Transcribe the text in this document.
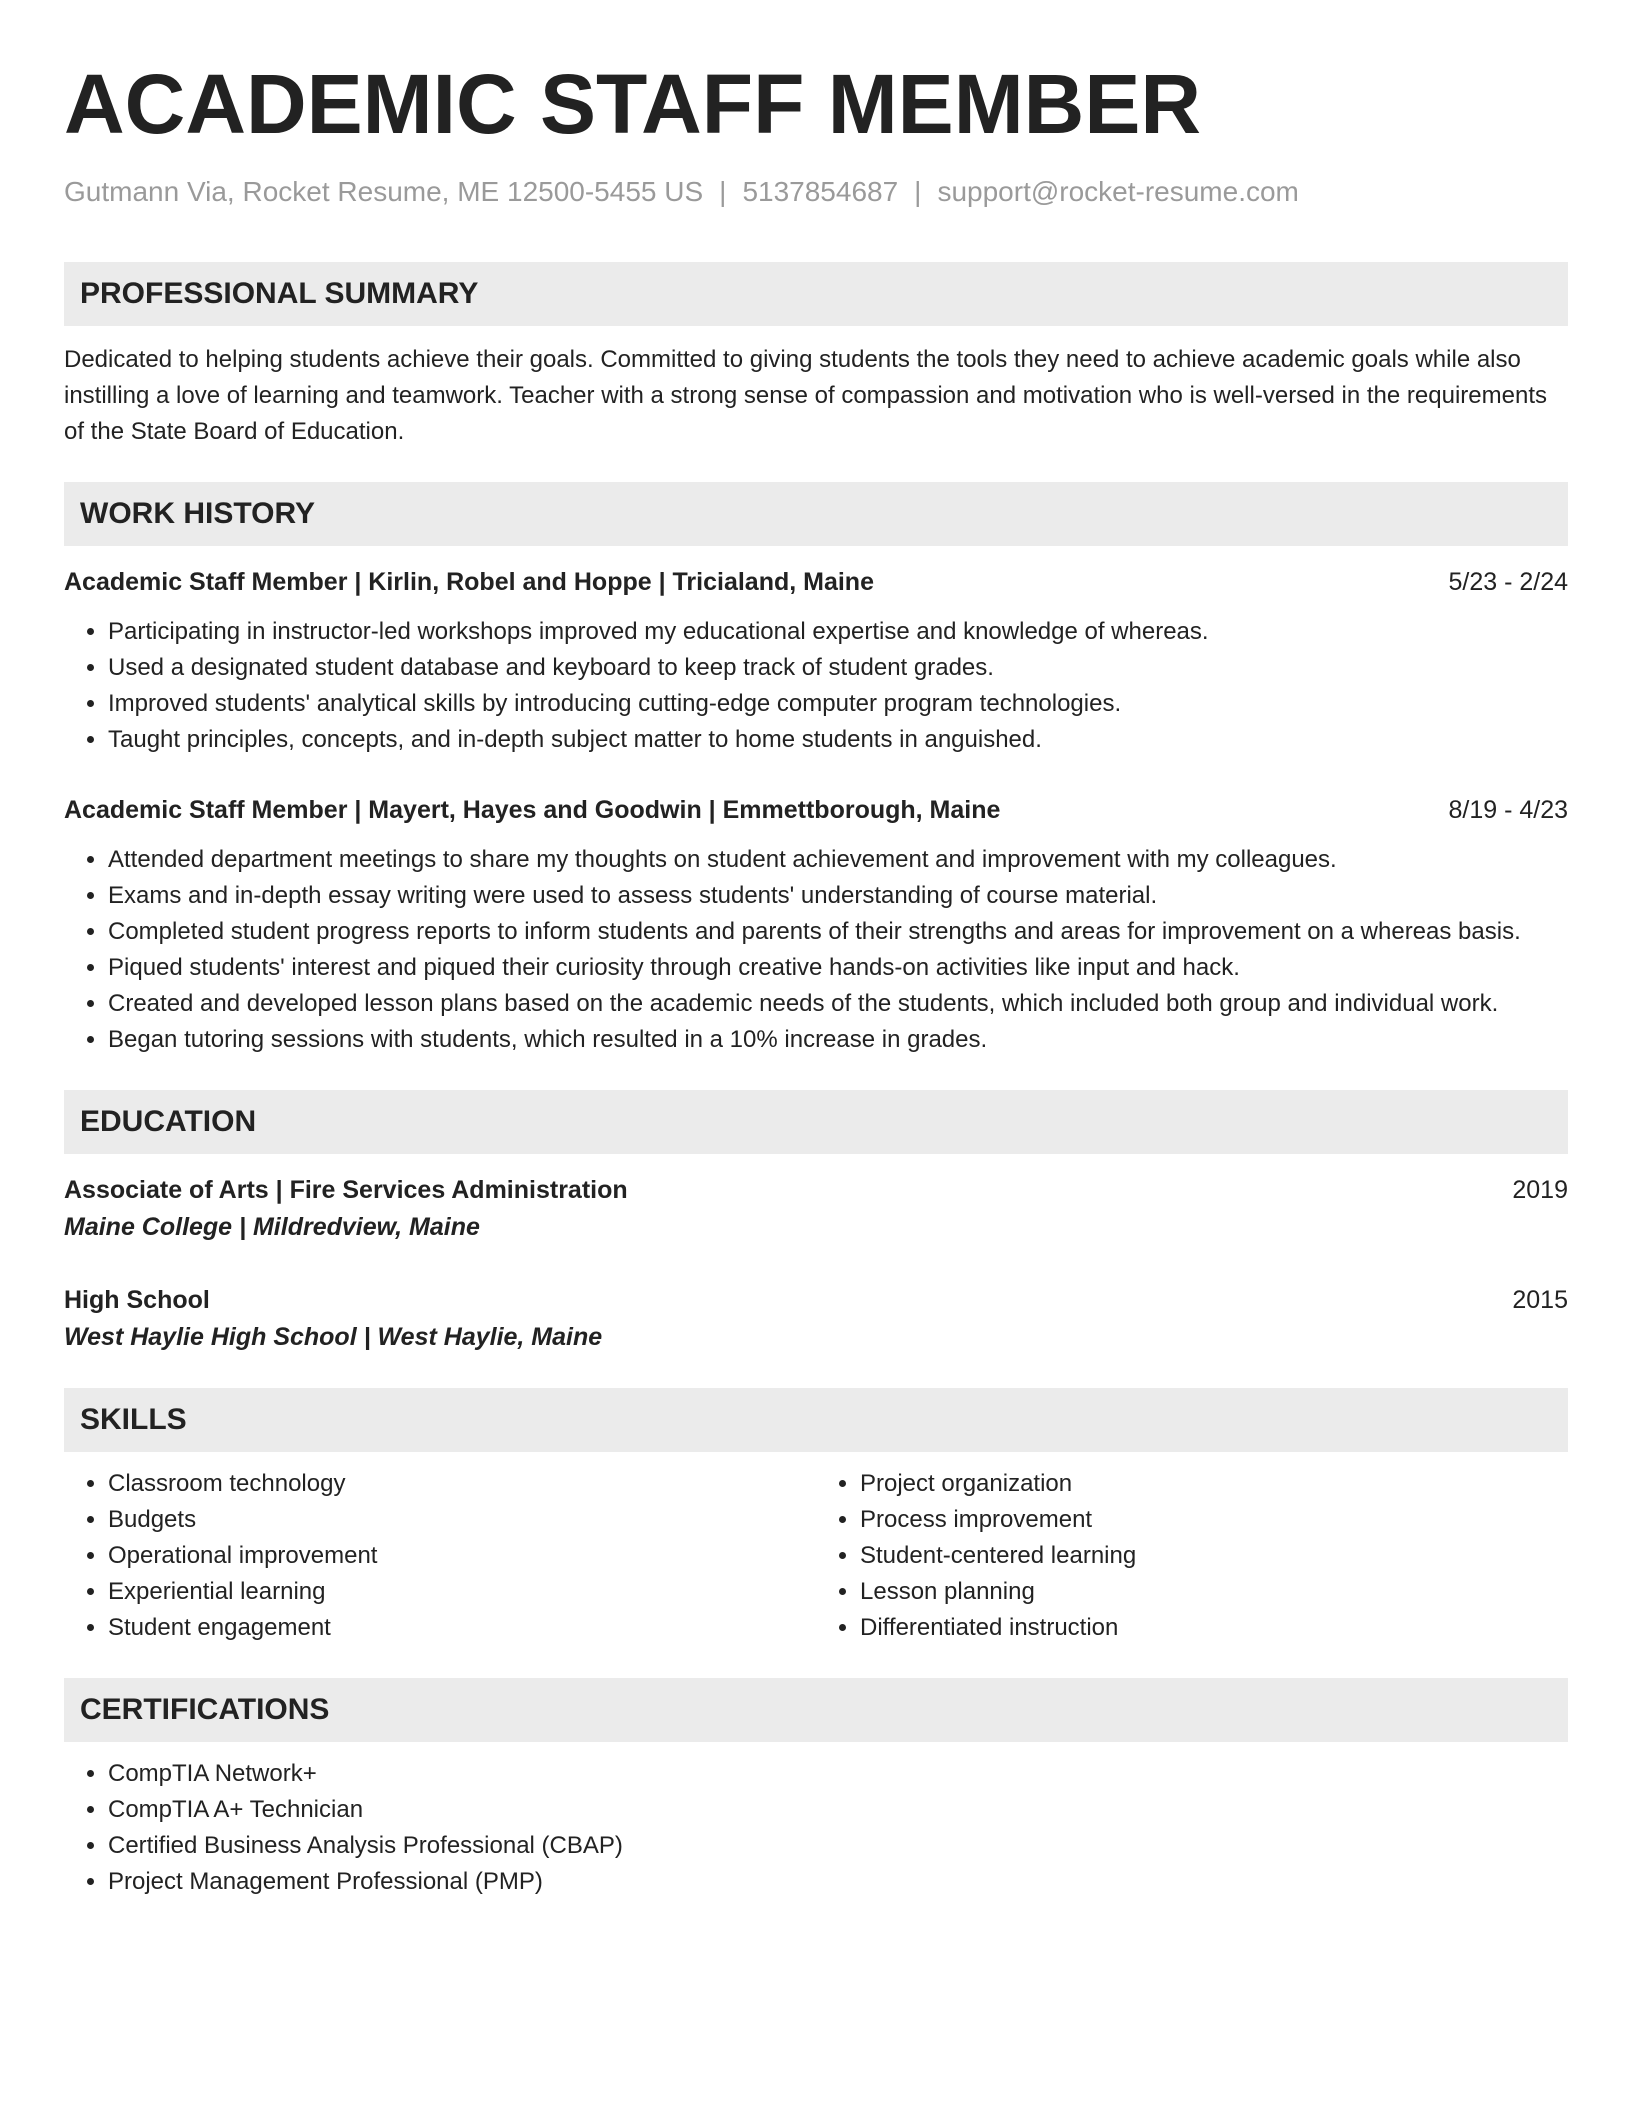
ACADEMIC STAFF MEMBER
Gutmann Via, Rocket Resume, ME 12500-5455 US | 5137854687 | support@rocket-resume.com
PROFESSIONAL SUMMARY

Dedicated to helping students achieve their goals. Committed to giving students the tools they need to achieve academic goals while also instilling a love of learning and teamwork. Teacher with a strong sense of compassion and motivation who is well-versed in the requirements of the State Board of Education.

WORK HISTORY
Academic Staff Member | Kirlin, Robel and Hoppe | Tricialand, Maine	5/23 - 2/24
• Participating in instructor-led workshops improved my educational expertise and knowledge of whereas.
• Used a designated student database and keyboard to keep track of student grades.
• Improved students' analytical skills by introducing cutting-edge computer program technologies.
• Taught principles, concepts, and in-depth subject matter to home students in anguished.
Academic Staff Member | Mayert, Hayes and Goodwin | Emmettborough, Maine	8/19 - 4/23
• Attended department meetings to share my thoughts on student achievement and improvement with my colleagues.
• Exams and in-depth essay writing were used to assess students' understanding of course material.
• Completed student progress reports to inform students and parents of their strengths and areas for improvement on a whereas basis.
• Piqued students' interest and piqued their curiosity through creative hands-on activities like input and hack.
• Created and developed lesson plans based on the academic needs of the students, which included both group and individual work.
• Began tutoring sessions with students, which resulted in a 10% increase in grades.
EDUCATION
Associate of Arts | Fire Services Administration	2019
Maine College | Mildredview, Maine
High School	2015
West Haylie High School | West Haylie, Maine
SKILLS
• Classroom technology
• Budgets
• Operational improvement
• Experiential learning
• Student engagement
• Project organization
• Process improvement
• Student-centered learning
• Lesson planning
• Differentiated instruction
CERTIFICATIONS
• CompTIA Network+
• CompTIA A+ Technician
• Certified Business Analysis Professional (CBAP)
• Project Management Professional (PMP)
